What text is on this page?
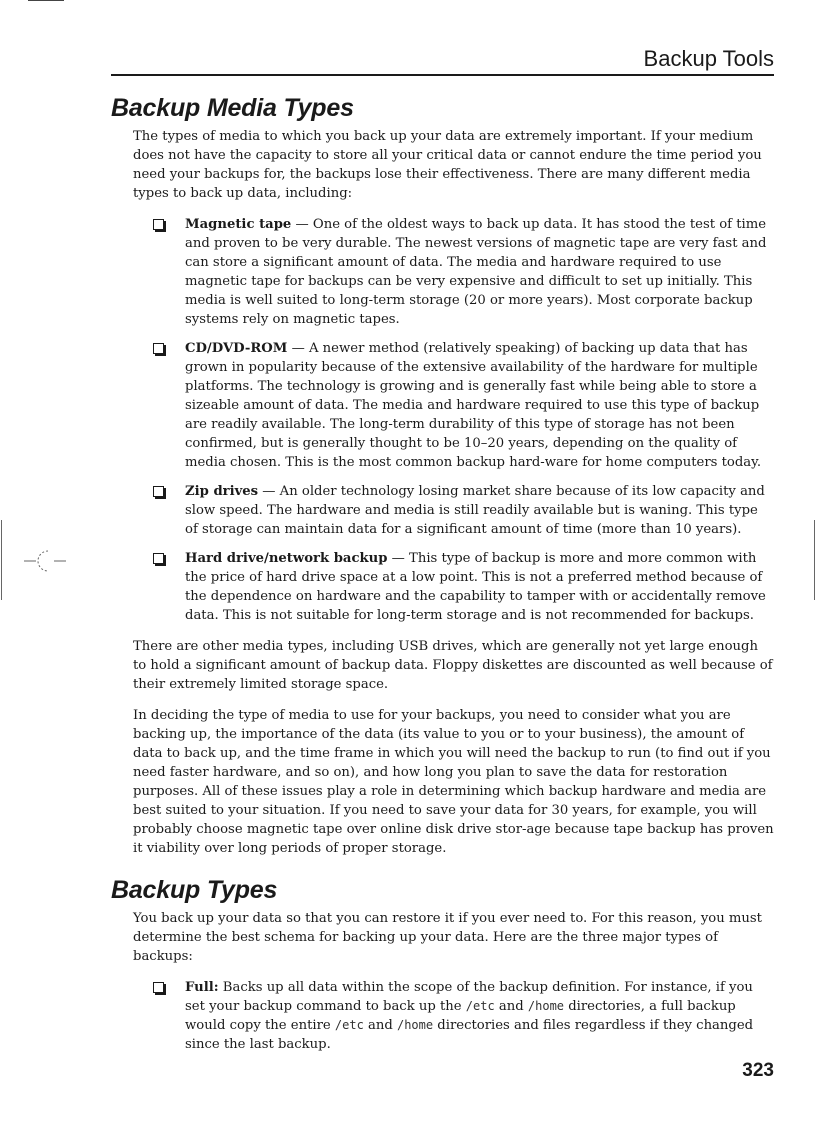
Backup Tools
Backup Media Types

The types of media to which you back up your data are extremely important. If your medium does not have the capacity to store all your critical data or cannot endure the time period you need your backups for, the backups lose their effectiveness. There are many different media types to back up data, including:

Magnetic tape — One of the oldest ways to back up data. It has stood the test of time and proven to be very durable. The newest versions of magnetic tape are very fast and can store a significant amount of data. The media and hardware required to use magnetic tape for backups can be very expensive and difficult to set up initially. This media is well suited to long-term storage (20 or more years). Most corporate backup systems rely on magnetic tapes.
CD/DVD-ROM — A newer method (relatively speaking) of backing up data that has grown in popularity because of the extensive availability of the hardware for multiple platforms. The technology is growing and is generally fast while being able to store a sizeable amount of data. The media and hardware required to use this type of backup are readily available. The long-term durability of this type of storage has not been confirmed, but is generally thought to be 10–20 years, depending on the quality of media chosen. This is the most common backup hard-ware for home computers today.
Zip drives — An older technology losing market share because of its low capacity and slow speed. The hardware and media is still readily available but is waning. This type of storage can maintain data for a significant amount of time (more than 10 years).
Hard drive/network backup — This type of backup is more and more common with the price of hard drive space at a low point. This is not a preferred method because of the dependence on hardware and the capability to tamper with or accidentally remove data. This is not suitable for long-term storage and is not recommended for backups.

There are other media types, including USB drives, which are generally not yet large enough to hold a significant amount of backup data. Floppy diskettes are discounted as well because of their extremely limited storage space.

In deciding the type of media to use for your backups, you need to consider what you are backing up, the importance of the data (its value to you or to your business), the amount of data to back up, and the time frame in which you will need the backup to run (to find out if you need faster hardware, and so on), and how long you plan to save the data for restoration purposes. All of these issues play a role in determining which backup hardware and media are best suited to your situation. If you need to save your data for 30 years, for example, you will probably choose magnetic tape over online disk drive stor-age because tape backup has proven it viability over long periods of proper storage.

Backup Types

You back up your data so that you can restore it if you ever need to. For this reason, you must determine the best schema for backing up your data. Here are the three major types of backups:

Full: Backs up all data within the scope of the backup definition. For instance, if you set your backup command to back up the /etc and /home directories, a full backup would copy the entire /etc and /home directories and files regardless if they changed since the last backup.
323
